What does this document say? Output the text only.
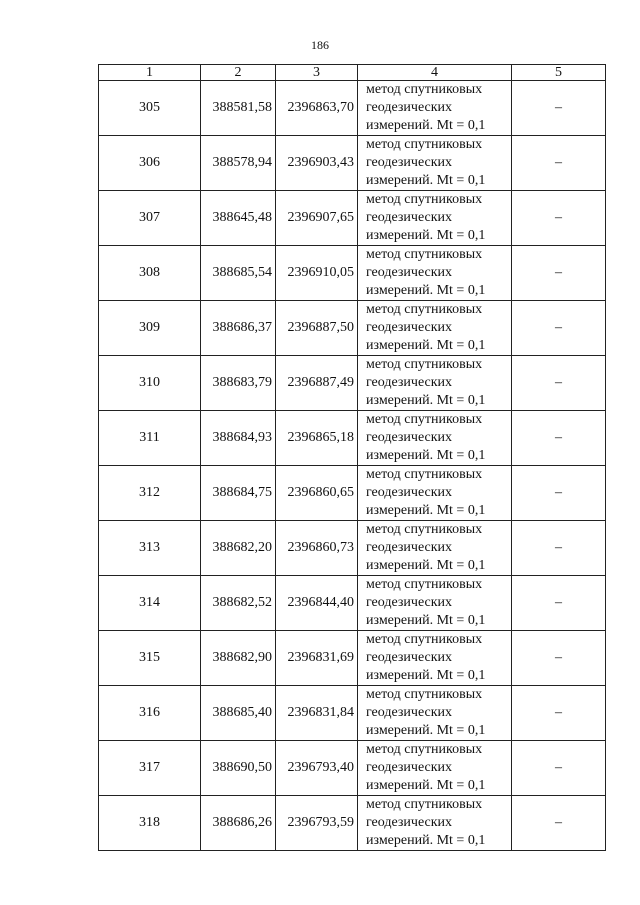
186
1	2	3	4	5
305	388581,58	2396863,70	метод спутниковых
геодезических
измерений. Mt = 0,1	–
306	388578,94	2396903,43	метод спутниковых
геодезических
измерений. Mt = 0,1	–
307	388645,48	2396907,65	метод спутниковых
геодезических
измерений. Mt = 0,1	–
308	388685,54	2396910,05	метод спутниковых
геодезических
измерений. Mt = 0,1	–
309	388686,37	2396887,50	метод спутниковых
геодезических
измерений. Mt = 0,1	–
310	388683,79	2396887,49	метод спутниковых
геодезических
измерений. Mt = 0,1	–
311	388684,93	2396865,18	метод спутниковых
геодезических
измерений. Mt = 0,1	–
312	388684,75	2396860,65	метод спутниковых
геодезических
измерений. Mt = 0,1	–
313	388682,20	2396860,73	метод спутниковых
геодезических
измерений. Mt = 0,1	–
314	388682,52	2396844,40	метод спутниковых
геодезических
измерений. Mt = 0,1	–
315	388682,90	2396831,69	метод спутниковых
геодезических
измерений. Mt = 0,1	–
316	388685,40	2396831,84	метод спутниковых
геодезических
измерений. Mt = 0,1	–
317	388690,50	2396793,40	метод спутниковых
геодезических
измерений. Mt = 0,1	–
318	388686,26	2396793,59	метод спутниковых
геодезических
измерений. Mt = 0,1	–
